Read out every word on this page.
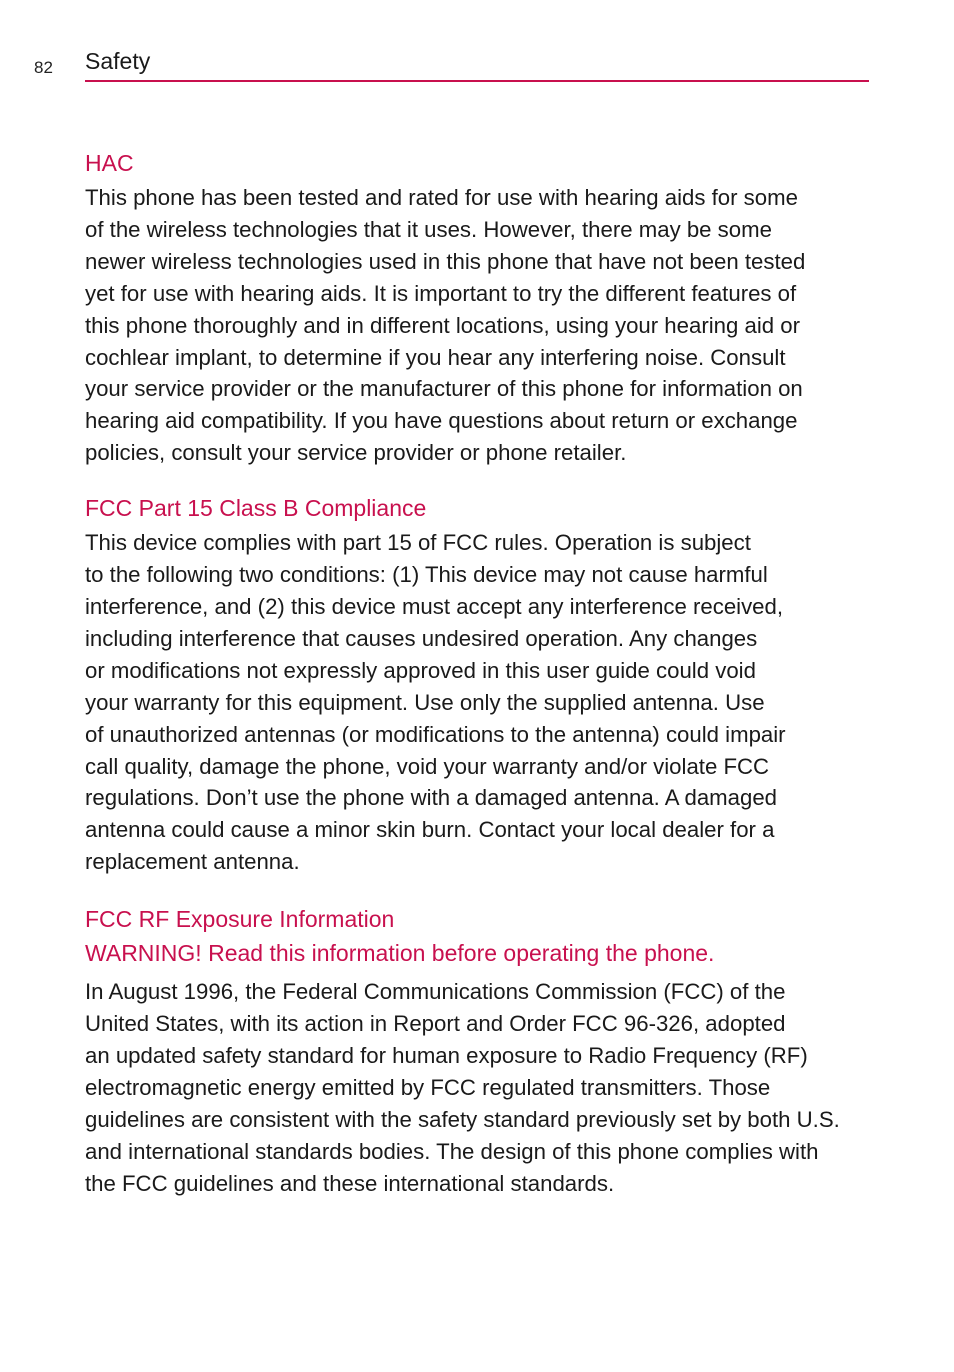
82 Safety
HAC

This phone has been tested and rated for use with hearing aids for some
of the wireless technologies that it uses. However, there may be some
newer wireless technologies used in this phone that have not been tested
yet for use with hearing aids. It is important to try the different features of
this phone thoroughly and in different locations, using your hearing aid or
cochlear implant, to determine if you hear any interfering noise. Consult
your service provider or the manufacturer of this phone for information on
hearing aid compatibility. If you have questions about return or exchange
policies, consult your service provider or phone retailer.

FCC Part 15 Class B Compliance

This device complies with part 15 of FCC rules. Operation is subject
to the following two conditions: (1) This device may not cause harmful
interference, and (2) this device must accept any interference received,
including interference that causes undesired operation. Any changes
or modifications not expressly approved in this user guide could void
your warranty for this equipment. Use only the supplied antenna. Use
of unauthorized antennas (or modifications to the antenna) could impair
call quality, damage the phone, void your warranty and/or violate FCC
regulations. Don’t use the phone with a damaged antenna. A damaged
antenna could cause a minor skin burn. Contact your local dealer for a
replacement antenna.

FCC RF Exposure Information
WARNING! Read this information before operating the phone.

In August 1996, the Federal Communications Commission (FCC) of the
United States, with its action in Report and Order FCC 96-326, adopted
an updated safety standard for human exposure to Radio Frequency (RF)
electromagnetic energy emitted by FCC regulated transmitters. Those
guidelines are consistent with the safety standard previously set by both U.S.
and international standards bodies. The design of this phone complies with
the FCC guidelines and these international standards.
